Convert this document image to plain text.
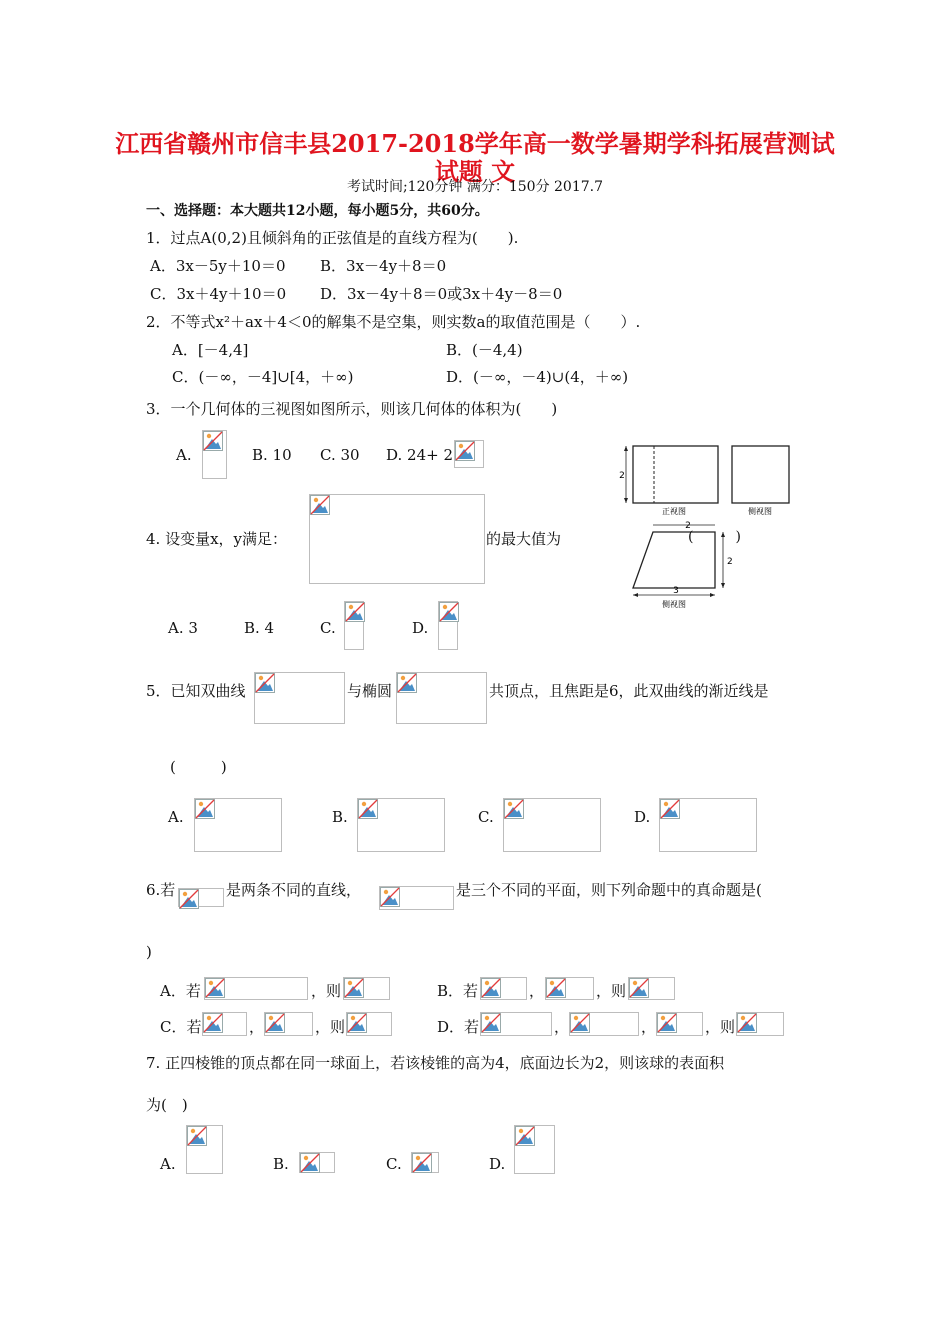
江西省赣州市信丰县2017-2018学年高一数学暑期学科拓展营测试
试题 文
考试时间;120分钟 满分：150分 2017.7
一、选择题：本大题共12小题，每小题5分，共60分。
1．过点A(0,2)且倾斜角的正弦值是的直线方程为(　　).
A．3x－5y＋10＝0 B．3x－4y＋8＝0
C．3x＋4y＋10＝0 D．3x－4y＋8＝0或3x＋4y－8＝0
2．不等式x²＋ax＋4＜0的解集不是空集，则实数a的取值范围是（　　）.
A．[－4,4]	B．(－4,4)
C．(－∞，－4]∪[4，＋∞)	D．(－∞，－4)∪(4，＋∞)
3．一个几何体的三视图如图所示，则该几何体的体积为(　　)
A.	B. 10 C. 30 D. 24+ 2
2
正视图	侧视图
2
2
3
侧视图
4. 设变量x，y满足：	的最大值为	(　　　)
A. 3	B. 4	C.	D.
5．已知双曲线	与椭圆	共顶点，且焦距是6，此双曲线的渐近线是
(　　　)
A.	B.	C.	D.
6.若	是两条不同的直线，	是三个不同的平面，则下列命题中的真命题是(
)
A．若	，则	B．若	，	，则
C．若	，	，则	D．若	，	，	，则
7. 正四棱锥的顶点都在同一球面上，若该棱锥的高为4，底面边长为2，则该球的表面积
为(　)
A.	B.	C.	D.
